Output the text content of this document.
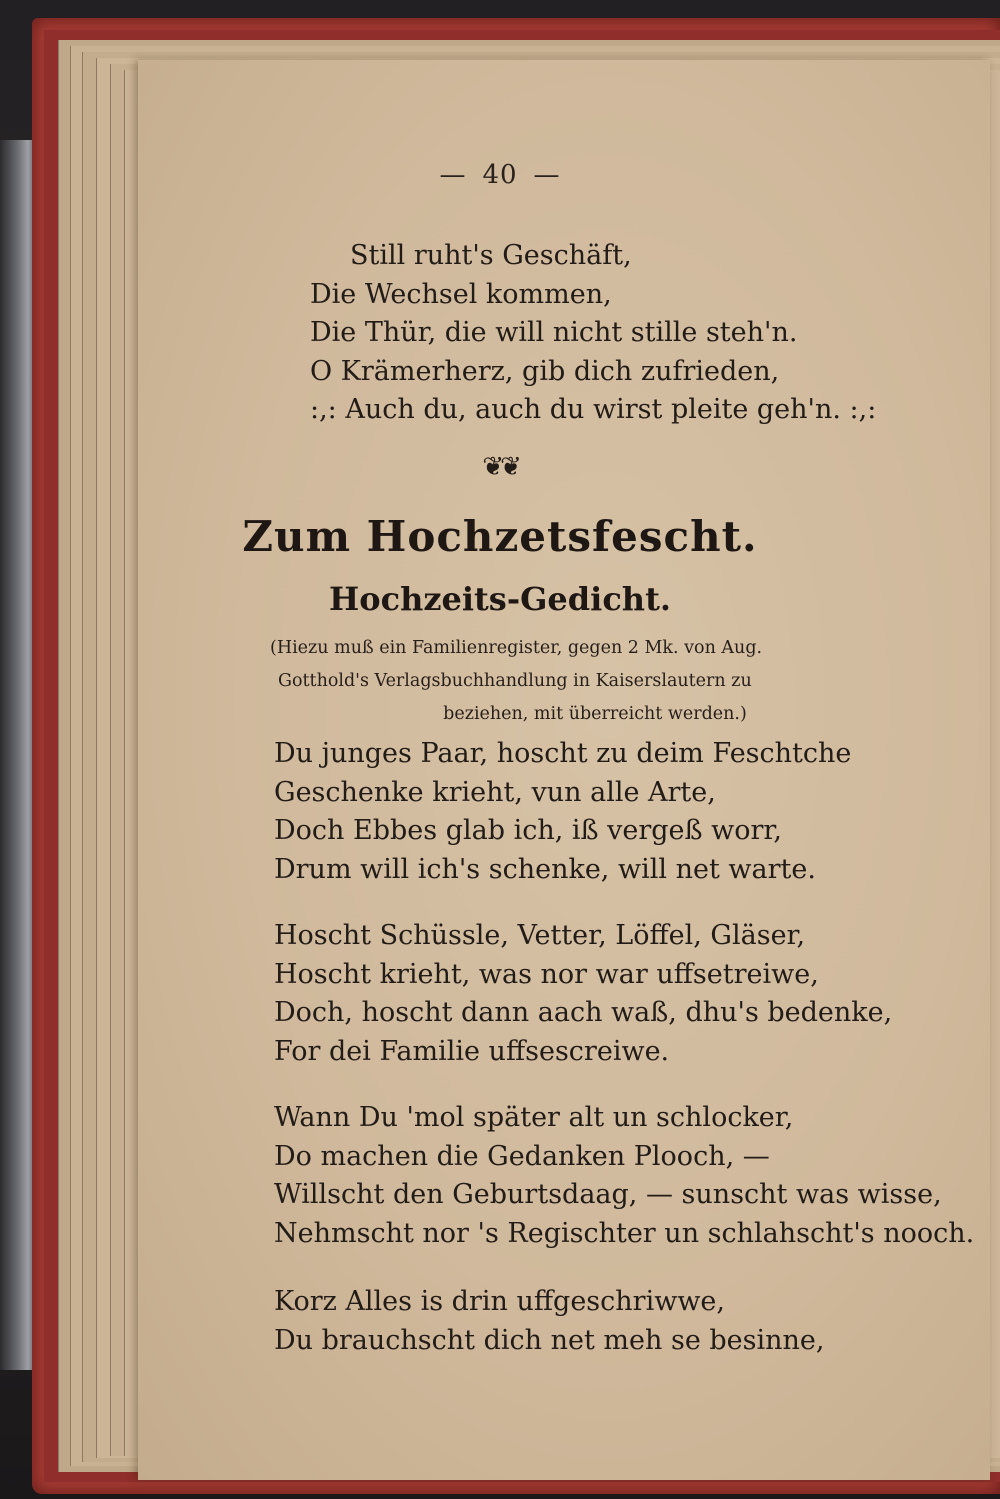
— 40 —
Still ruht's Geschäft,
Die Wechsel kommen,
Die Thür, die will nicht stille steh'n.
O Krämerherz, gib dich zufrieden,
:,: Auch du, auch du wirst pleite geh'n. :,:
❦❦
Zum Hochzetsfescht.
Hochzeits-Gedicht.
(Hiezu muß ein Familienregister, gegen 2 Mk. von Aug.
Gotthold's Verlagsbuchhandlung in Kaiserslautern zu
beziehen, mit überreicht werden.)
Du junges Paar, hoscht zu deim Feschtche
Geschenke krieht, vun alle Arte,
Doch Ebbes glab ich, iß vergeß worr,
Drum will ich's schenke, will net warte.
Hoscht Schüssle, Vetter, Löffel, Gläser,
Hoscht krieht, was nor war uffsetreiwe,
Doch, hoscht dann aach waß, dhu's bedenke,
For dei Familie uffsescreiwe.
Wann Du 'mol später alt un schlocker,
Do machen die Gedanken Plooch, —
Willscht den Geburtsdaag, — sunscht was wisse,
Nehmscht nor 's Regischter un schlahscht's nooch.
Korz Alles is drin uffgeschriwwe,
Du brauchscht dich net meh se besinne,
